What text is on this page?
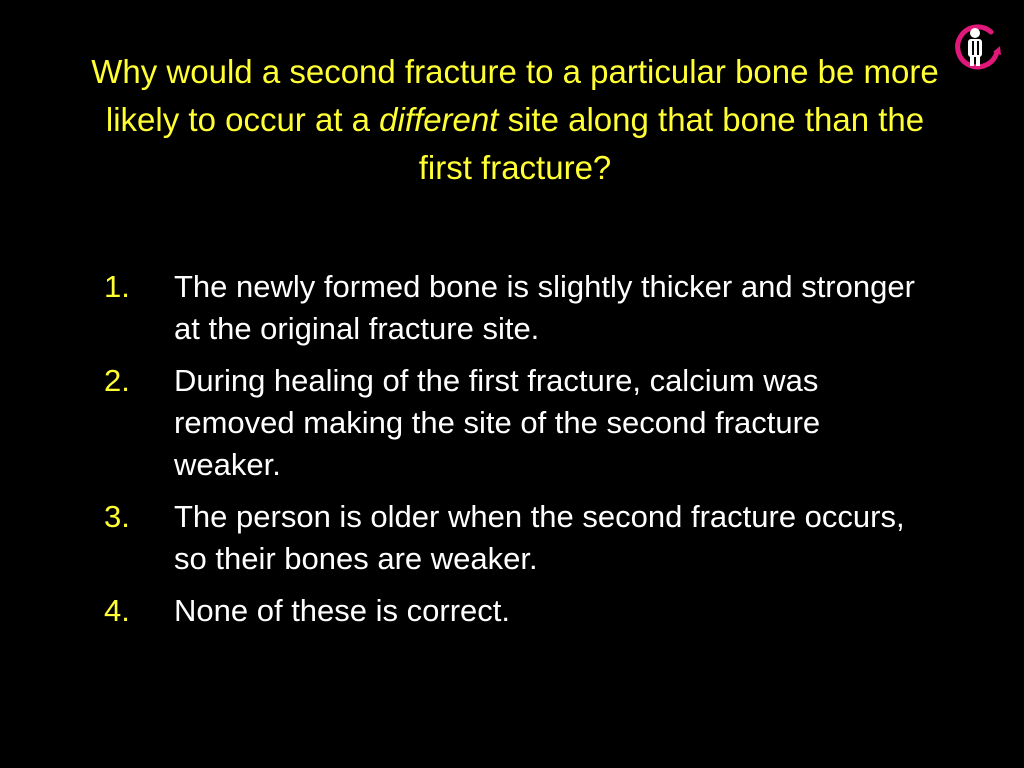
Why would a second fracture to a particular bone be more likely to occur at a different site along that bone than the first fracture?
1. The newly formed bone is slightly thicker and stronger at the original fracture site.
2. During healing of the first fracture, calcium was removed making the site of the second fracture weaker.
3. The person is older when the second fracture occurs, so their bones are weaker.
4. None of these is correct.
